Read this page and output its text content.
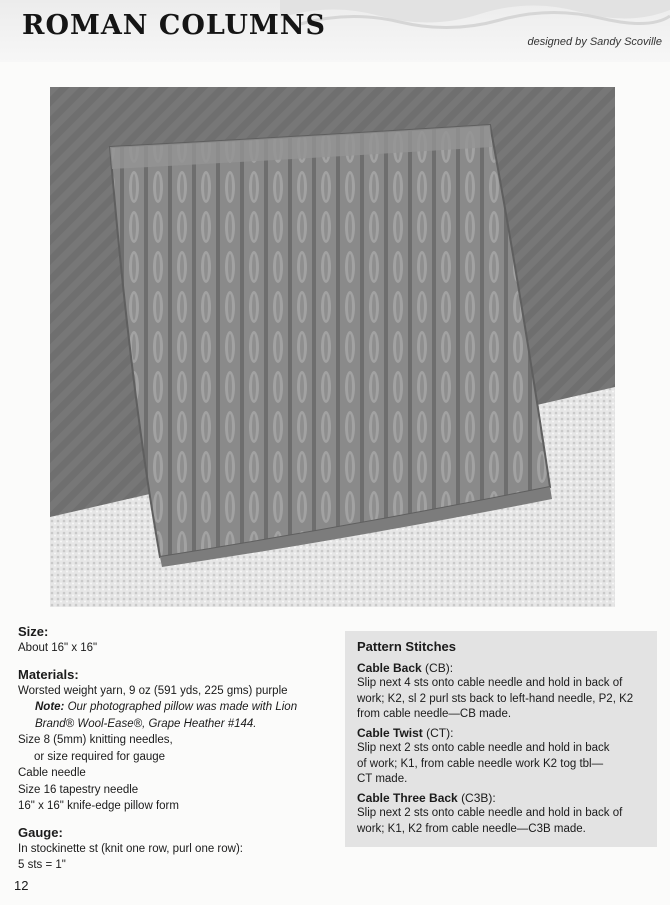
ROMAN COLUMNS
designed by Sandy Scoville
Size:
About 16" x 16"
Materials:
Worsted weight yarn, 9 oz (591 yds, 225 gms) purple
Note: Our photographed pillow was made with Lion
Brand® Wool-Ease®, Grape Heather #144.
Size 8 (5mm) knitting needles,
or size required for gauge
Cable needle
Size 16 tapestry needle
16" x 16" knife-edge pillow form
Gauge:
In stockinette st (knit one row, purl one row):
5 sts = 1"
Pattern Stitches
Cable Back (CB):
Slip next 4 sts onto cable needle and hold in back of
work; K2, sl 2 purl sts back to left-hand needle, P2, K2
from cable needle—CB made.
Cable Twist (CT):
Slip next 2 sts onto cable needle and hold in back
of work; K1, from cable needle work K2 tog tbl—
CT made.
Cable Three Back (C3B):
Slip next 2 sts onto cable needle and hold in back of
work; K1, K2 from cable needle—C3B made.
12
